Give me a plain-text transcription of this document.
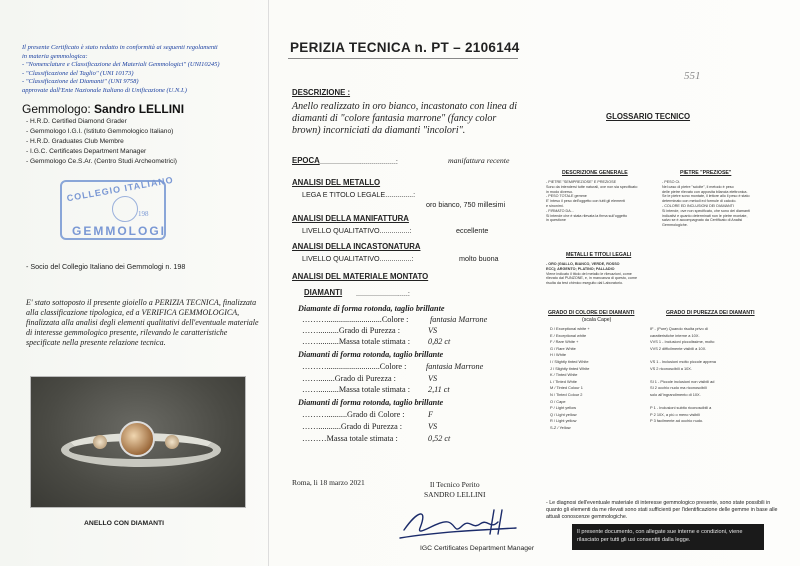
Il presente Certificato è stato redatto in conformità ai seguenti regolamenti
in materia gemmologica:
- "Nomenclature e Classificazione dei Materiali Gemmologici" (UNI10245)
- "Classificazione del Taglio" (UNI 10173)
- "Classificazione dei Diamanti" (UNI 9758)
approvate dall'Ente Nazionale Italiano di Unificazione (U.N.I.)
Gemmologo: Sandro LELLINI
- H.R.D. Certified Diamond Grader
- Gemmologo I.G.I. (Istituto Gemmologico Italiano)
- H.R.D. Graduates Club Membre
- I.G.C. Certificates Department Manager
- Gemmologo Ce.S.Ar. (Centro Studi Archeometrici)
COLLEGIO ITALIANO
198
GEMMOLOGI
- Socio del Collegio Italiano dei Gemmologi n. 198
E' stato sottoposto il presente gioiello a PERIZIA TECNICA, finalizzata alla classificazione tipologica, ed a VERIFICA GEMMOLOGICA, finalizzata alla analisi degli elementi qualitativi dell'eventuale materiale di interesse gemmologico presente, rilevando le caratteristiche specificate nella presente relazione tecnica.
ANELLO CON DIAMANTI
PERIZIA TECNICA n. PT – 2106144
551
DESCRIZIONE :
Anello realizzato in oro bianco, incastonato con linea di diamanti di "colore fantasia marrone" (fancy color brown) incorniciati da diamanti "incolori".
EPOCA
.......................................:	manifattura recente
ANALISI DEL METALLO
LEGA E TITOLO LEGALE..............:
oro bianco, 750 millesimi
ANALISI DELLA MANIFATTURA
LIVELLO QUALITATIVO...............:	eccellente
ANALISI DELLA INCASTONATURA
LIVELLO QUALITATIVO................:	molto buona
ANALISI DEL MATERIALE MONTATO
DIAMANTI ..........................:
Diamante di forma rotonda, taglio brillante
………...........................Colore :	fantasia Marrone
……..........Grado di Purezza :	VS
……..........Massa totale stimata : 0,82 ct
Diamanti di forma rotonda, taglio brillante
………..........................Colore : fantasia Marrone
……........Grado di Purezza :	VS
……..........Massa totale stimata : 2,11 ct
Diamanti di forma rotonda, taglio brillante
………..........Grado di Colore :	F
……...........Grado di Purezza :	VS
………Massa totale stimata :	0,52 ct
Roma, li 18 marzo 2021	Il Tecnico Perito
SANDRO LELLINI
IGC Certificates Department Manager
GLOSSARIO TECNICO
DESCRIZIONE GENERALE
- PIETRE "SEMIPREZIOSE" E PREZIOSE
Sono da intendersi tutte naturali, ove non sia specificato
in modo diverso.
- PESO TOTALE gemme
E' inteso il peso dell'oggetto con tutti gli elementi
e sinonimi.
- FIRMATO DA...
Si intende che è stata rilevata la firma sull'oggetto
in questione
PIETRE "PREZIOSE"
- PESO Ct.
Nel caso di pietre "sciolte", il metodo è peso
delle pietre rilevato con apposita bilancia elettronica.
Se le pietre sono montate, il lettore allo il peso è stato
determinato con metodi ed formule di calcolo.
- COLORE ED INCLUSIONI DEI DIAMANTI
Si intende, ove non specificato, che sono dei diamanti
indicativi e quanto determinati non le pietre montate,
salvo se è accompagnato da Certificato di Analisi
Gemmologiche.
METALLI E TITOLI LEGALI
- ORO (GIALLO, BIANCO, VERDE, ROSSO
ECC); ARGENTO; PLATINO; PALLADIO
Viene indicato il titolo del metallo le rilevazioni, come
rilevato dal PUNZONE, e, in mancanza di questo, come
risulta da test chimico eseguito dal Laboratorio.
GRADO DI COLORE DEI DIAMANTI
(scala Cape)
GRADO DI PUREZZA DEI DIAMANTI
D / Exceptional white +
E / Exceptional white
F / Rare White +
G / Rare White
H / White
I / Slightly tinted White
J / Slightly tinted White
K / Tinted White
L / Tinted White
M / Tinted Colour 1
N / Tinted Colour 2
O / Cape
P / Light yellow
Q / Light yellow
R / Light yellow
S-Z / Yellow
IF - (Pure) Quando risulta privo di
caratteristiche interne a 10X.
VVS 1 - Inclusioni piccolissime, molto
VVS 2 difficilmente visibili a 10X.

VS 1 - Inclusioni molto piccole appena
VS 2 riconoscibili a 10X.

SI 1 - Piccole inclusioni non visibili ad
SI 2 occhio nudo ma riconoscibili
solo all'ingrandimento di 10X.

P 1 - Inclusioni subito riconoscibili a
P 2 10X, a più o meno visibili
P 3 facilmente ad occhio nudo.
- Le diagnosi dell'eventuale materiale di interesse gemmologico presente, sono state possibili in quanto gli elementi da me rilevati sono stati sufficienti per l'identificazione delle gemme in base alle attuali conoscenze gemmologiche.
Il presente documento, con allegate sue interne e condizioni, viene rilasciato per tutti gli usi consentiti dalla legge.
